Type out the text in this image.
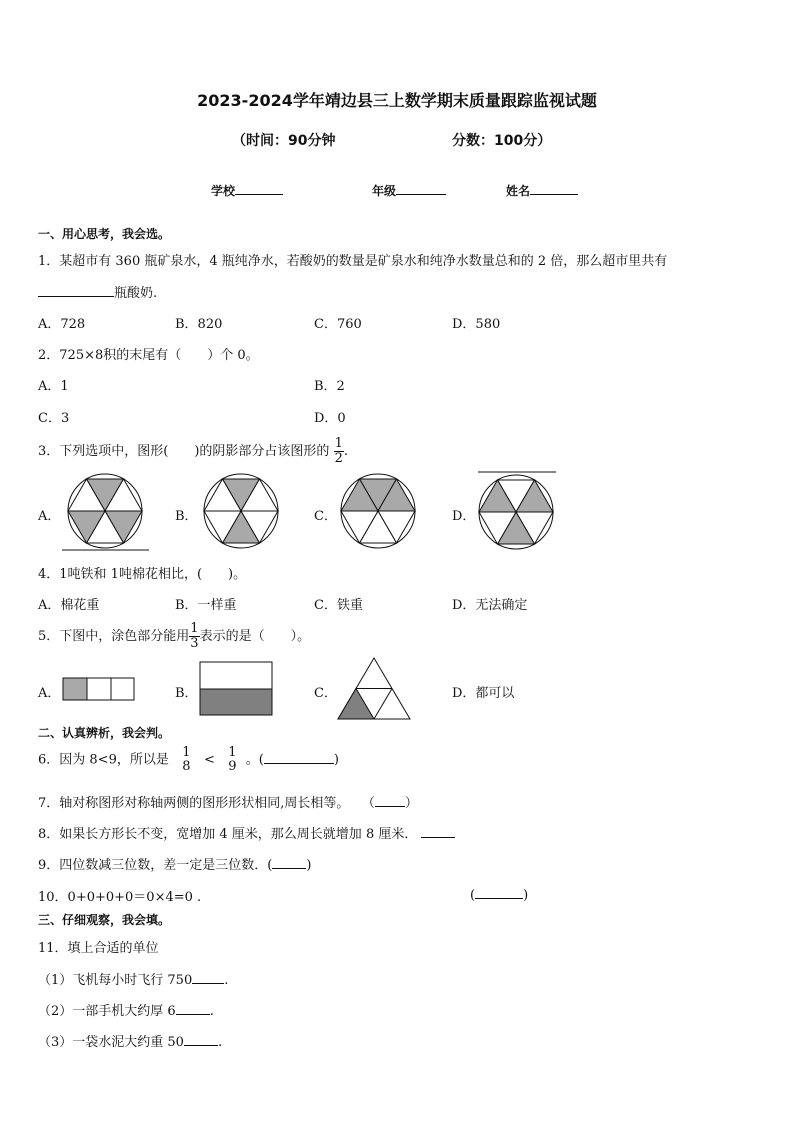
2023-2024学年靖边县三上数学期末质量跟踪监视试题
（时间：90分钟	分数：100分）
学校	年级	姓名
一、用心思考，我会选。
1．某超市有 360 瓶矿泉水，4 瓶纯净水，若酸奶的数量是矿泉水和纯净水数量总和的 2 倍，那么超市里共有
瓶酸奶.
A．728	B．820	C．760	D．580
2．725×8积的末尾有（　　）个 0。
A．1	B．2
C．3	D．0
3．下列选项中，图形(　　)的阴影部分占该图形的 $\frac{1}{2}$ .
A．	B．	C．	D．
4．1吨铁和 1吨棉花相比，(　　)。
A．棉花重	B．一样重	C．铁重	D．无法确定
5．下图中，涂色部分能用 $\frac{1}{3}$ 表示的是（　　）。
A．	B．	C．	D．都可以
二、认真辨析，我会判。
6．因为 8<9，所以是 1
8 < 1
9 。(	)
7．轴对称图形对称轴两侧的图形形状相同,周长相等。 （ ）
8．如果长方形长不变，宽增加 4 厘米，那么周长就增加 8 厘米．
9．四位数减三位数，差一定是三位数．(	)
10．0+0+0+0＝0×4=0 .	(	)
三、仔细观察，我会填。
11．填上合适的单位
（1）飞机每小时飞行 750 .
（2）一部手机大约厚 6	.
（3）一袋水泥大约重 50	.
